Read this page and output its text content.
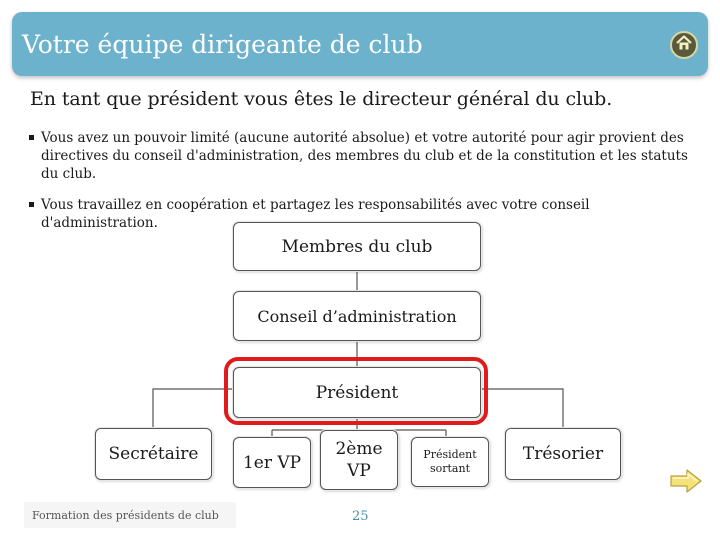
Votre équipe dirigeante de club
En tant que président vous êtes le directeur général du club.
Vous avez un pouvoir limité (aucune autorité absolue) et votre autorité pour agir provient des directives du conseil d'administration, des membres du club et de la constitution et les statuts du club.
Vous travaillez en coopération et partagez les responsabilités avec votre conseil d'administration.
Membres du club
Conseil d’administration
Président
Secrétaire	1er VP
2ème VP
Président sortant
Trésorier
Formation des présidents de club	25
